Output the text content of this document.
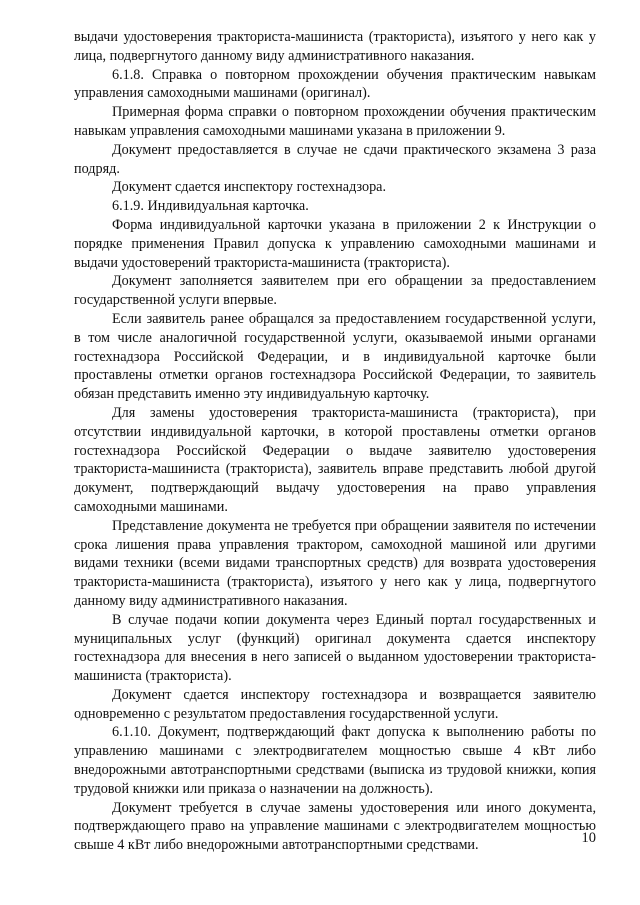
выдачи удостоверения тракториста-машиниста (тракториста), изъятого у него как у лица, подвергнутого данному виду административного наказания.

6.1.8. Справка о повторном прохождении обучения практическим навыкам управления самоходными машинами (оригинал).

Примерная форма справки о повторном прохождении обучения практическим навыкам управления самоходными машинами указана в приложении 9.

Документ предоставляется в случае не сдачи практического экзамена 3 раза подряд.

Документ сдается инспектору гостехнадзора.

6.1.9. Индивидуальная карточка.

Форма индивидуальной карточки указана в приложении 2 к Инструкции о порядке применения Правил допуска к управлению самоходными машинами и выдачи удостоверений тракториста-машиниста (тракториста).

Документ заполняется заявителем при его обращении за предоставлением государственной услуги впервые.

Если заявитель ранее обращался за предоставлением государственной услуги, в том числе аналогичной государственной услуги, оказываемой иными органами гостехнадзора Российской Федерации, и в индивидуальной карточке были проставлены отметки органов гостехнадзора Российской Федерации, то заявитель обязан представить именно эту индивидуальную карточку.

Для замены удостоверения тракториста-машиниста (тракториста), при отсутствии индивидуальной карточки, в которой проставлены отметки органов гостехнадзора Российской Федерации о выдаче заявителю удостоверения тракториста-машиниста (тракториста), заявитель вправе представить любой другой документ, подтверждающий выдачу удостоверения на право управления самоходными машинами.

Представление документа не требуется при обращении заявителя по истечении срока лишения права управления трактором, самоходной машиной или другими видами техники (всеми видами транспортных средств) для возврата удостоверения тракториста-машиниста (тракториста), изъятого у него как у лица, подвергнутого данному виду административного наказания.

В случае подачи копии документа через Единый портал государственных и муниципальных услуг (функций) оригинал документа сдается инспектору гостехнадзора для внесения в него записей о выданном удостоверении тракториста-машиниста (тракториста).

Документ сдается инспектору гостехнадзора и возвращается заявителю одновременно с результатом предоставления государственной услуги.

6.1.10. Документ, подтверждающий факт допуска к выполнению работы по управлению машинами с электродвигателем мощностью свыше 4 кВт либо внедорожными автотранспортными средствами (выписка из трудовой книжки, копия трудовой книжки или приказа о назначении на должность).

Документ требуется в случае замены удостоверения или иного документа, подтверждающего право на управление машинами с электродвигателем мощностью свыше 4 кВт либо внедорожными автотранспортными средствами.	10
